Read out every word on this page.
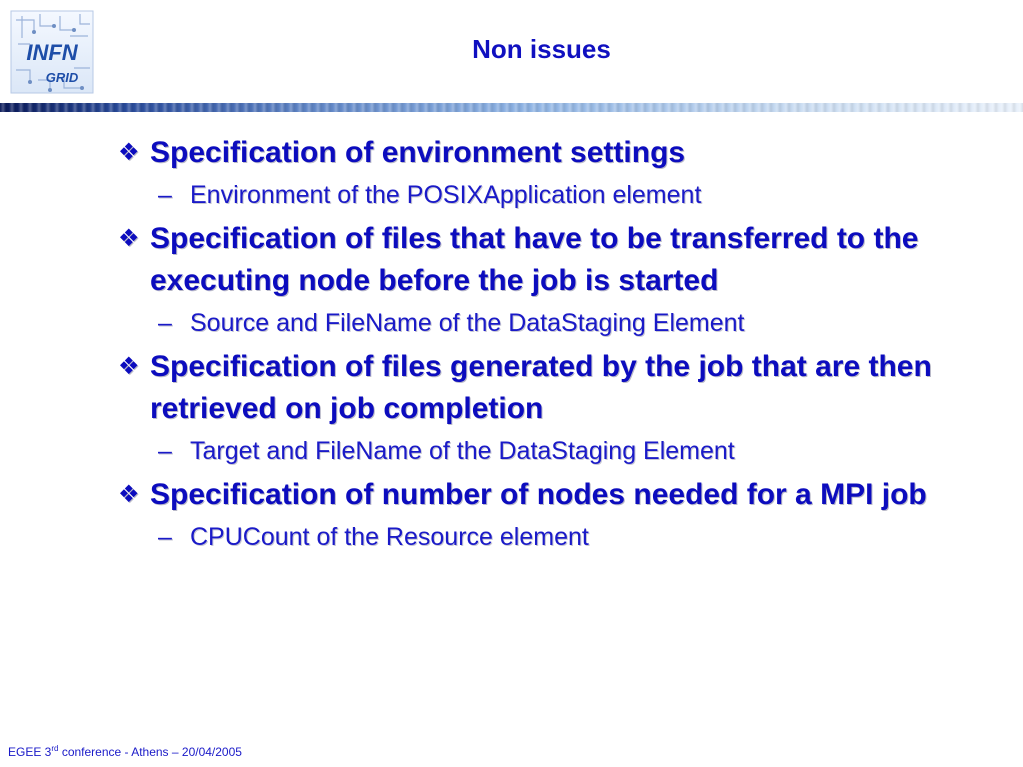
INFN
GRID
Non issues
❖ Specification of environment settings
– Environment of the POSIXApplication element
❖ Specification of files that have to be transferred to the executing node before the job is started
– Source and FileName of the DataStaging Element
❖ Specification of files generated by the job that are then retrieved on job completion
– Target and FileName of the DataStaging Element
❖ Specification of number of nodes needed for a MPI job
– CPUCount of the Resource element
EGEE 3rd conference - Athens – 20/04/2005
